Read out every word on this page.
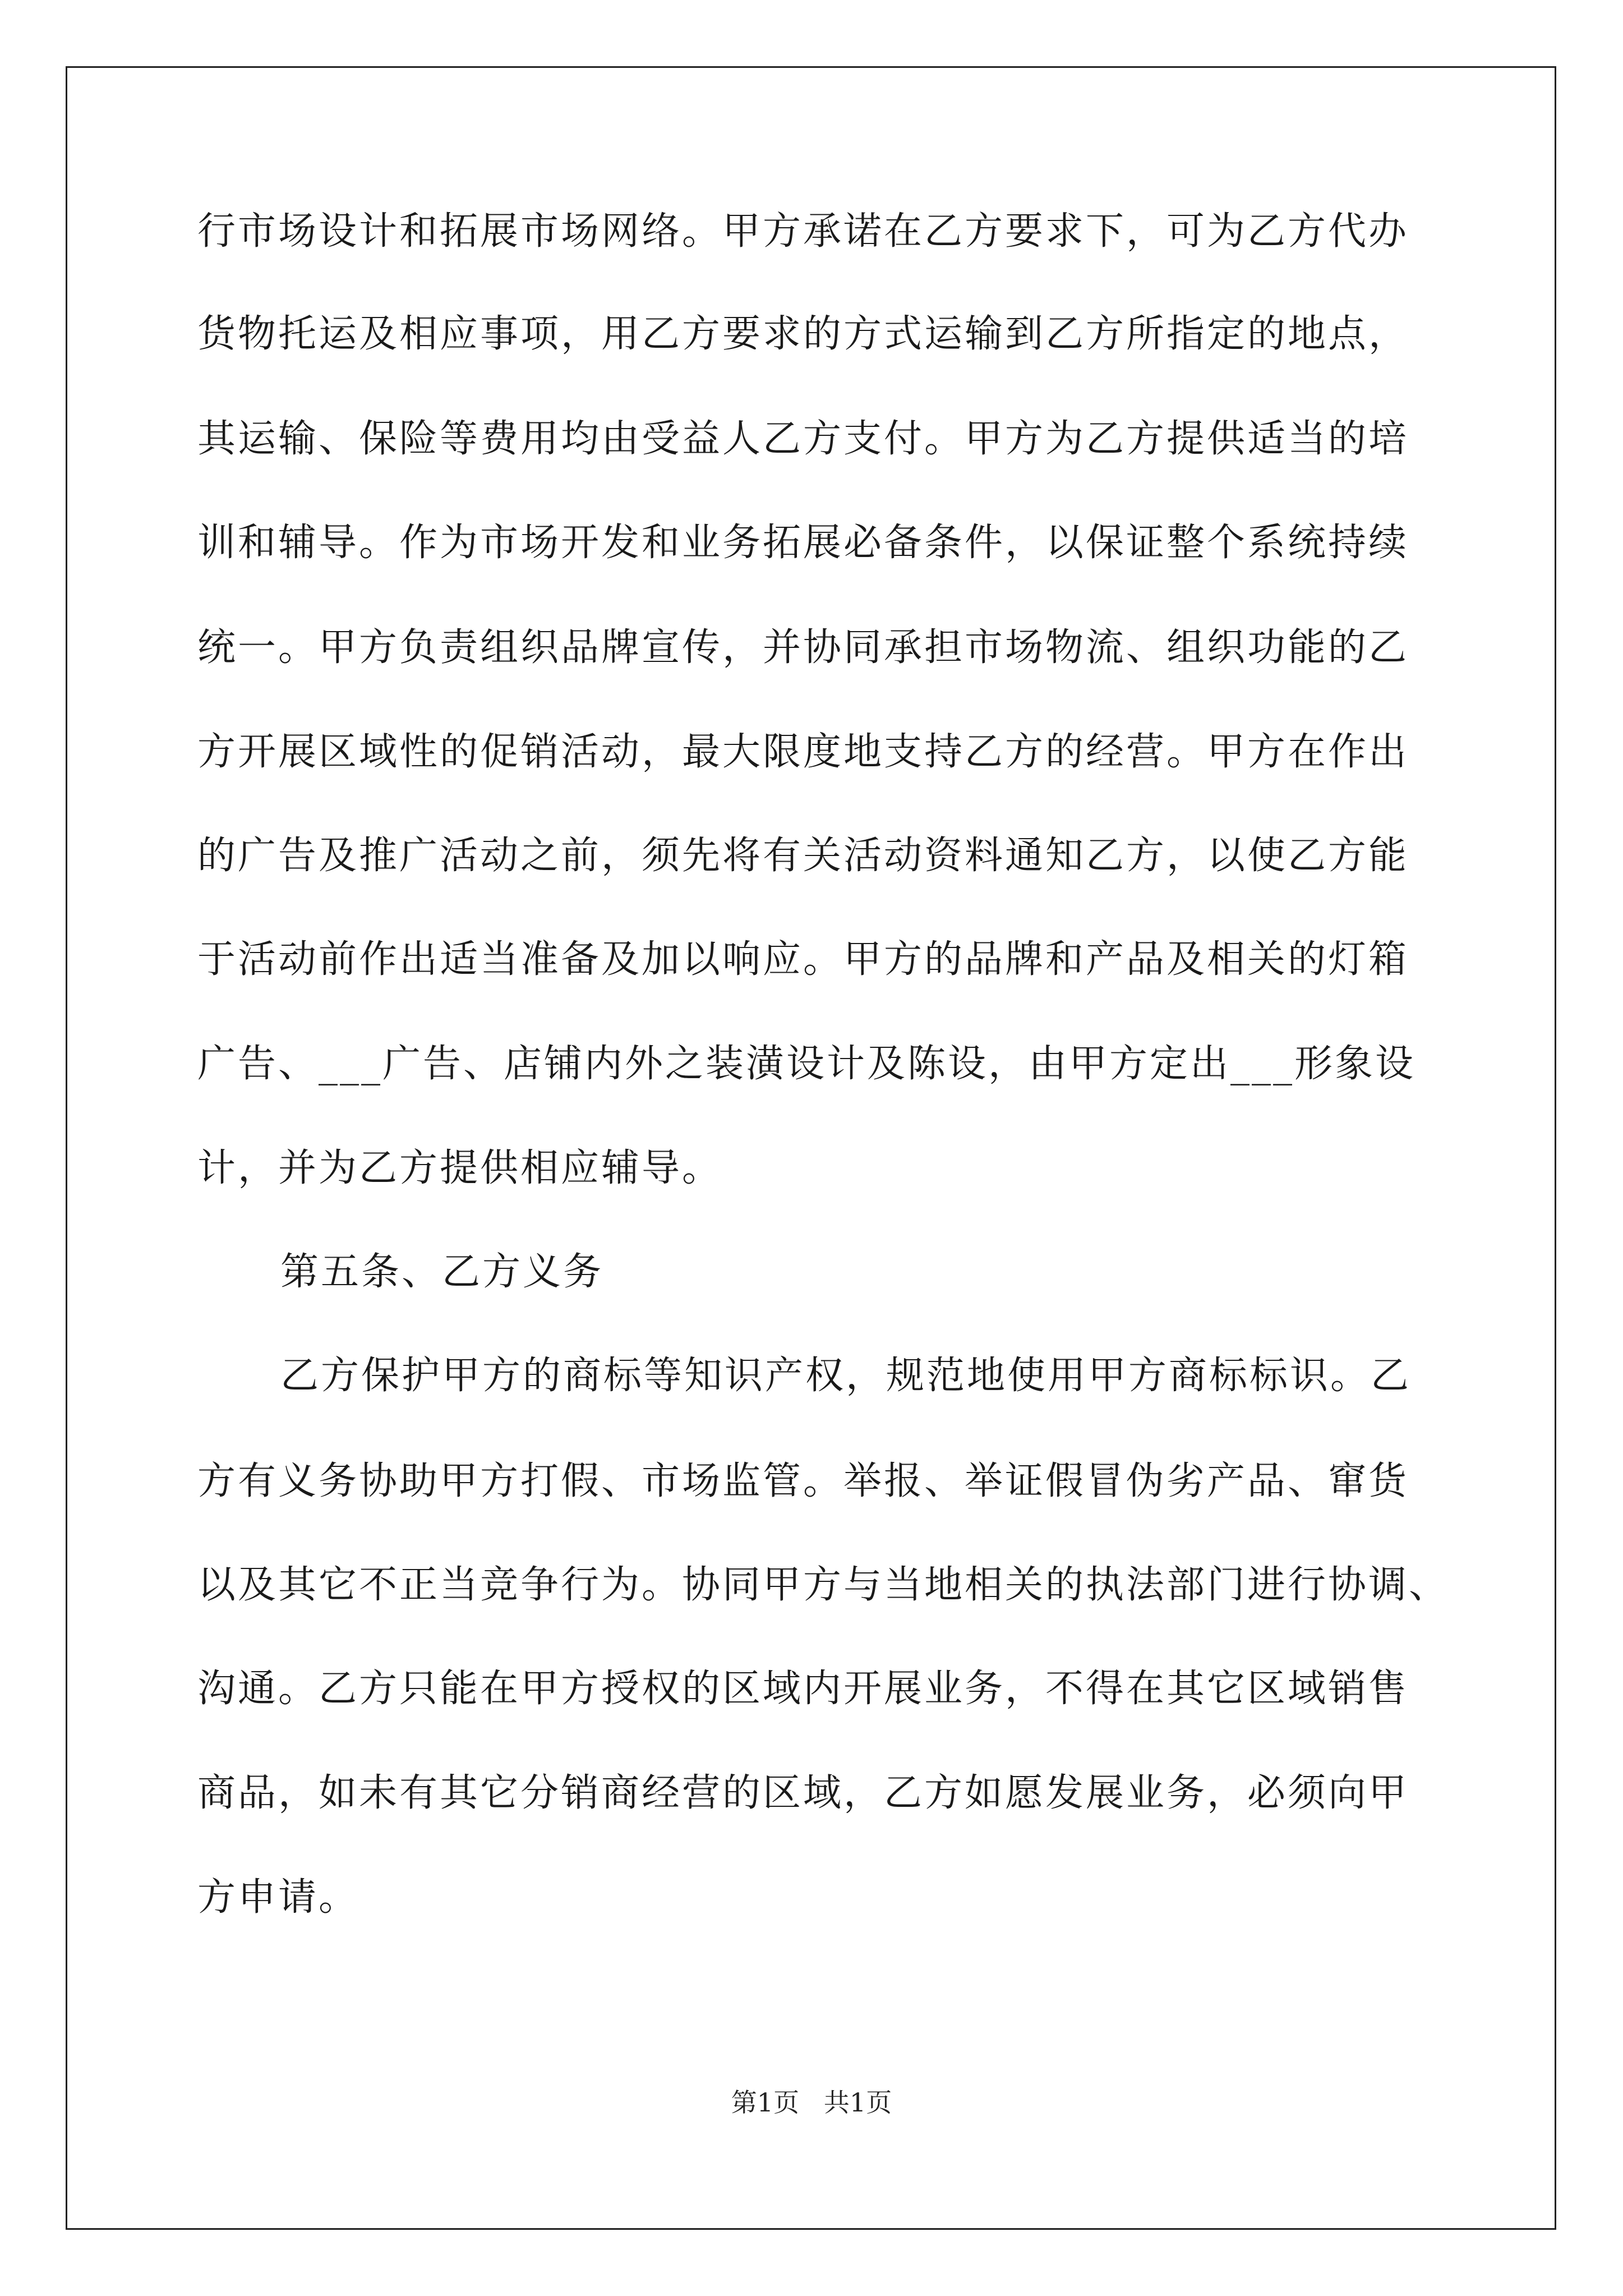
行市场设计和拓展市场网络。甲方承诺在乙方要求下，可为乙方代办
货物托运及相应事项，用乙方要求的方式运输到乙方所指定的地点，
其运输、保险等费用均由受益人乙方支付。甲方为乙方提供适当的培
训和辅导。作为市场开发和业务拓展必备条件，以保证整个系统持续
统一。甲方负责组织品牌宣传，并协同承担市场物流、组织功能的乙
方开展区域性的促销活动，最大限度地支持乙方的经营。甲方在作出
的广告及推广活动之前，须先将有关活动资料通知乙方，以使乙方能
于活动前作出适当准备及加以响应。甲方的品牌和产品及相关的灯箱
广告、___广告、店铺内外之装潢设计及陈设，由甲方定出___形象设
计，并为乙方提供相应辅导。
第五条、乙方义务
乙方保护甲方的商标等知识产权，规范地使用甲方商标标识。乙
方有义务协助甲方打假、市场监管。举报、举证假冒伪劣产品、窜货
以及其它不正当竞争行为。协同甲方与当地相关的执法部门进行协调、
沟通。乙方只能在甲方授权的区域内开展业务，不得在其它区域销售
商品，如未有其它分销商经营的区域，乙方如愿发展业务，必须向甲
方申请。
第1页   共1页
